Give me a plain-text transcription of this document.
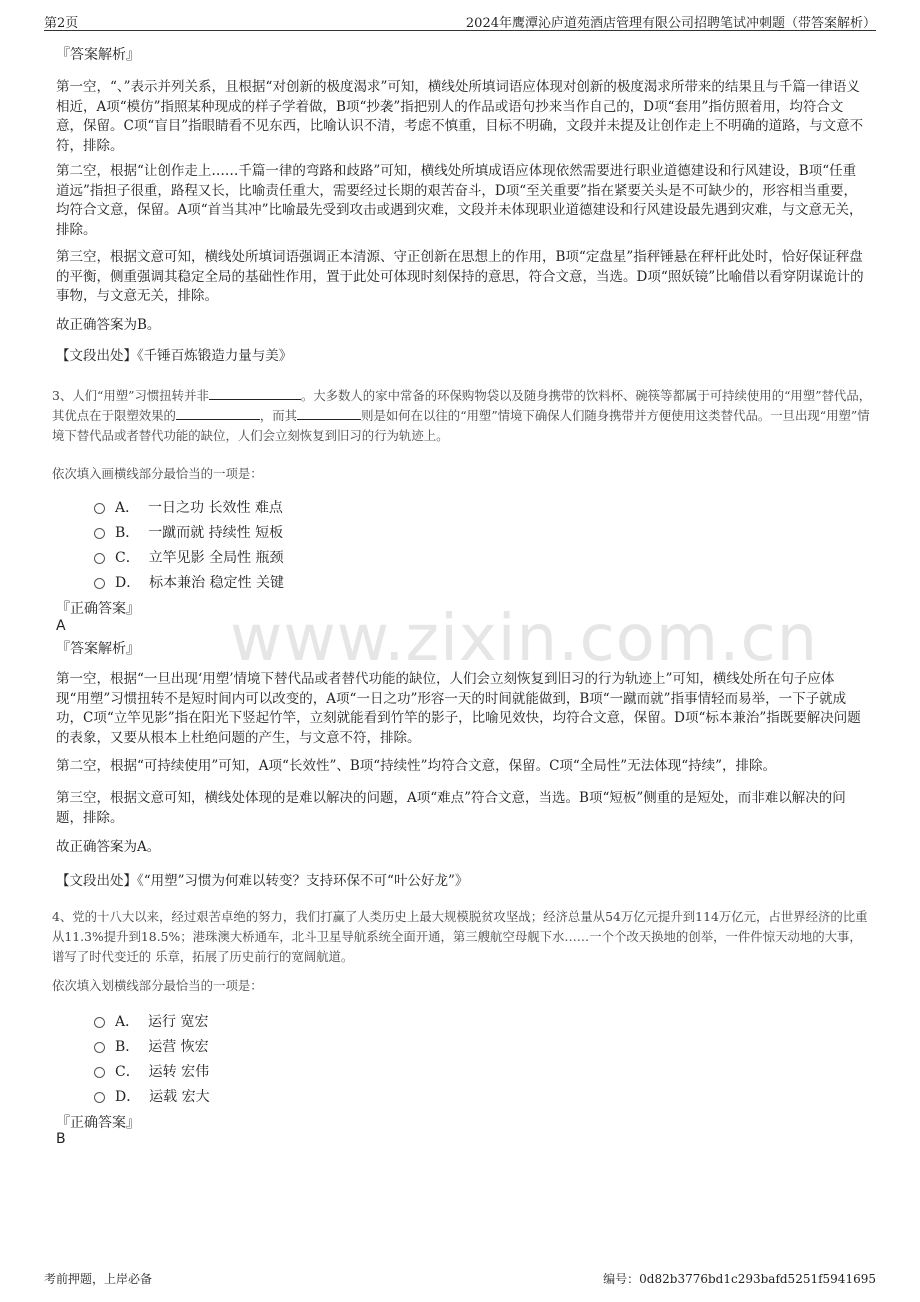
第2页	2024年鹰潭沁庐道苑酒店管理有限公司招聘笔试冲刺题（带答案解析）
www.zixin.com.cn
『答案解析』
第一空，“、”表示并列关系，且根据“对创新的极度渴求”可知，横线处所填词语应体现对创新的极度渴求所带来的结果且与千篇一律语义相近，A项“模仿”指照某种现成的样子学着做，B项“抄袭”指把别人的作品或语句抄来当作自己的，D项“套用”指仿照着用，均符合文意，保留。C项“盲目”指眼睛看不见东西，比喻认识不清，考虑不慎重，目标不明确，文段并未提及让创作走上不明确的道路，与文意不符，排除。
第二空，根据“让创作走上……千篇一律的弯路和歧路”可知，横线处所填成语应体现依然需要进行职业道德建设和行风建设，B项“任重道远”指担子很重，路程又长，比喻责任重大，需要经过长期的艰苦奋斗，D项“至关重要”指在紧要关头是不可缺少的，形容相当重要，均符合文意，保留。A项“首当其冲”比喻最先受到攻击或遇到灾难，文段并未体现职业道德建设和行风建设最先遇到灾难，与文意无关，排除。
第三空，根据文意可知，横线处所填词语强调正本清源、守正创新在思想上的作用，B项“定盘星”指秤锤悬在秤杆此处时，恰好保证秤盘的平衡，侧重强调其稳定全局的基础性作用，置于此处可体现时刻保持的意思，符合文意，当选。D项“照妖镜”比喻借以看穿阴谋诡计的事物，与文意无关，排除。
故正确答案为B。
【文段出处】《千锤百炼锻造力量与美》
3、人们“用塑”习惯扭转并非	。大多数人的家中常备的环保购物袋以及随身携带的饮料杯、碗筷等都属于可持续使用的“用塑”替代品，其优点在于限塑效果的	，而其	则是如何在以往的“用塑”情境下确保人们随身携带并方便使用这类替代品。一旦出现“用塑”情境下替代品或者替代功能的缺位，人们会立刻恢复到旧习的行为轨迹上。
依次填入画横线部分最恰当的一项是：
A． 一日之功 长效性 难点
B． 一蹴而就 持续性 短板
C． 立竿见影 全局性 瓶颈
D． 标本兼治 稳定性 关键
『正确答案』
A
『答案解析』
第一空，根据“一旦出现‘用塑’情境下替代品或者替代功能的缺位，人们会立刻恢复到旧习的行为轨迹上”可知，横线处所在句子应体现“用塑”习惯扭转不是短时间内可以改变的，A项“一日之功”形容一天的时间就能做到，B项“一蹴而就”指事情轻而易举，一下子就成功，C项“立竿见影”指在阳光下竖起竹竿，立刻就能看到竹竿的影子，比喻见效快，均符合文意，保留。D项“标本兼治”指既要解决问题的表象，又要从根本上杜绝问题的产生，与文意不符，排除。
第二空，根据“可持续使用”可知，A项“长效性”、B项“持续性”均符合文意，保留。C项“全局性”无法体现“持续”，排除。
第三空，根据文意可知，横线处体现的是难以解决的问题，A项“难点”符合文意，当选。B项“短板”侧重的是短处，而非难以解决的问题，排除。
故正确答案为A。
【文段出处】《“用塑”习惯为何难以转变？支持环保不可“叶公好龙”》
4、党的十八大以来，经过艰苦卓绝的努力，我们打赢了人类历史上最大规模脱贫攻坚战；经济总量从54万亿元提升到114万亿元，占世界经济的比重从11.3%提升到18.5%；港珠澳大桥通车，北斗卫星导航系统全面开通，第三艘航空母舰下水……一个个改天换地的创举，一件件惊天动地的大事，谱写了时代变迁的 乐章，拓展了历史前行的宽阔航道。
依次填入划横线部分最恰当的一项是：
A． 运行 宽宏
B． 运营 恢宏
C． 运转 宏伟
D． 运载 宏大
『正确答案』
B
考前押题，上岸必备	编号：0d82b3776bd1c293bafd5251f5941695
